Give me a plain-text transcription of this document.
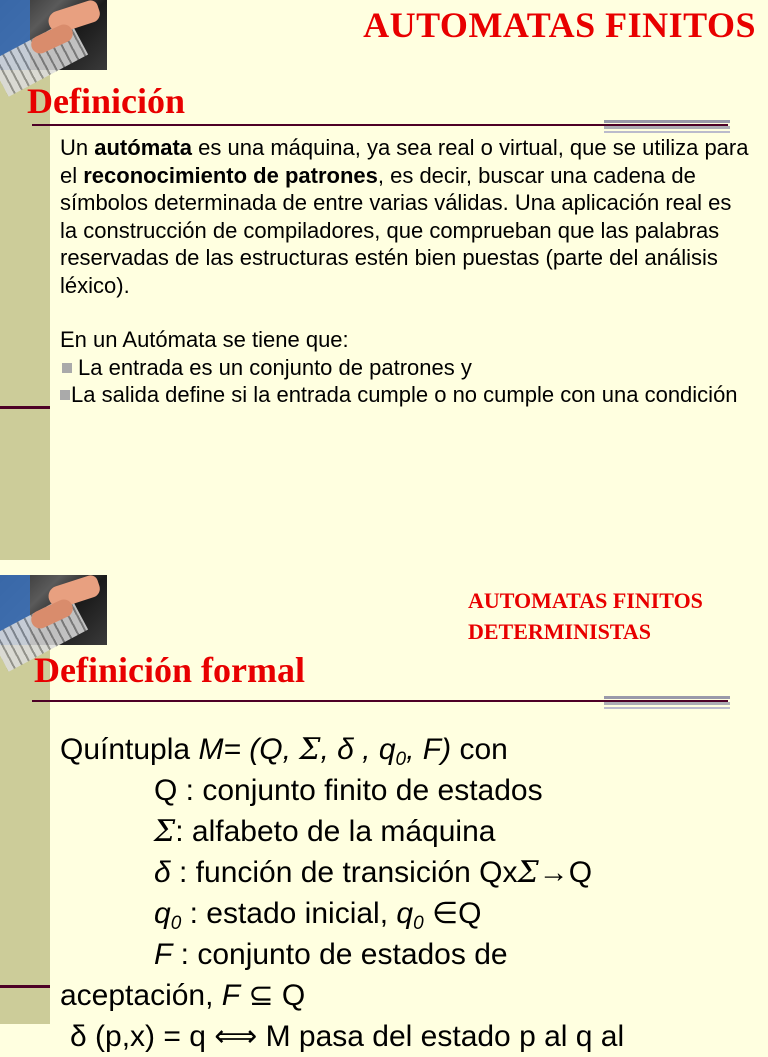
AUTOMATAS FINITOS
Definición

Un autómata es una máquina, ya sea real o virtual, que se utiliza para el reconocimiento de patrones, es decir, buscar una cadena de símbolos determinada de entre varias válidas. Una aplicación real es la construcción de compiladores, que comprueban que las palabras reservadas de las estructuras estén bien puestas (parte del análisis léxico).

En un Autómata se tiene que:

La entrada es un conjunto de patrones y
La salida define si la entrada cumple o no cumple con una condición
AUTOMATAS FINITOS
DETERMINISTAS
Definición formal
Quíntupla M= (Q, Σ, δ , $q_0$, F) con
Q : conjunto finito de estados
Σ: alfabeto de la máquina
δ : función de transición QxΣ→Q
$q_0$ : estado inicial, $q_0$ ∈Q
F : conjunto de estados de
aceptación, F ⊆ Q
δ (p,x) = q ⟺ M pasa del estado p al q al
